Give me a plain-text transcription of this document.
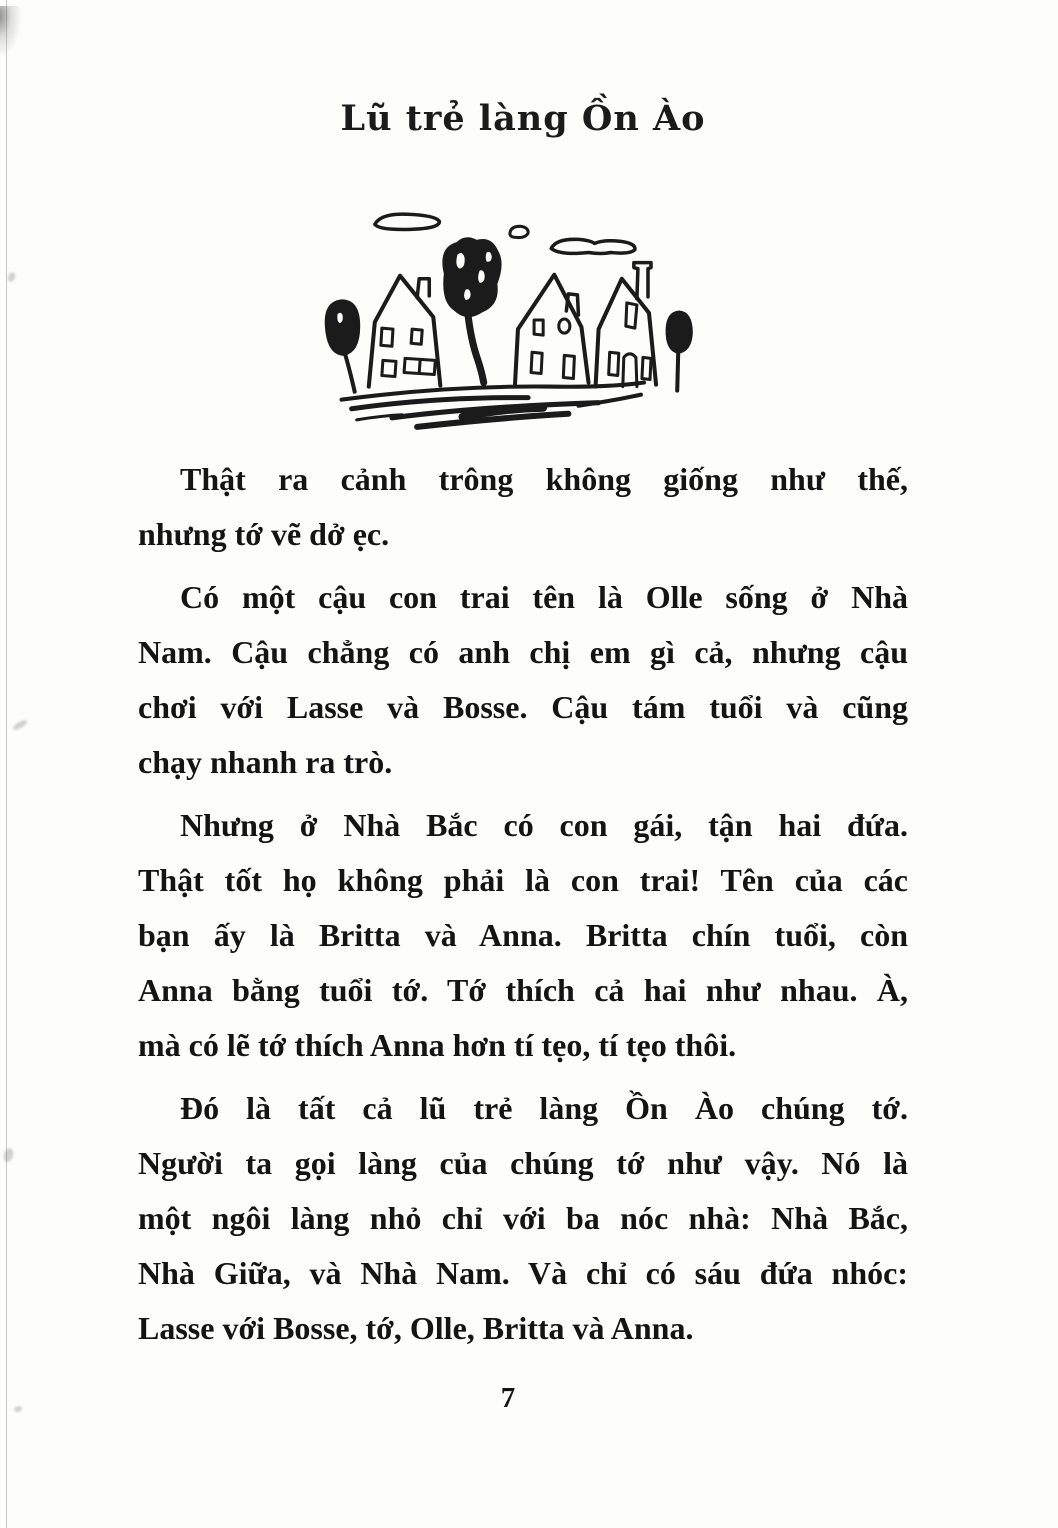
Lũ trẻ làng Ồn Ào
Thật ra cảnh trông không giống như thế,
nhưng tớ vẽ dở ẹc.
Có một cậu con trai tên là Olle sống ở Nhà
Nam. Cậu chẳng có anh chị em gì cả, nhưng cậu
chơi với Lasse và Bosse. Cậu tám tuổi và cũng
chạy nhanh ra trò.
Nhưng ở Nhà Bắc có con gái, tận hai đứa.
Thật tốt họ không phải là con trai! Tên của các
bạn ấy là Britta và Anna. Britta chín tuổi, còn
Anna bằng tuổi tớ. Tớ thích cả hai như nhau. À,
mà có lẽ tớ thích Anna hơn tí tẹo, tí tẹo thôi.
Đó là tất cả lũ trẻ làng Ồn Ào chúng tớ.
Người ta gọi làng của chúng tớ như vậy. Nó là
một ngôi làng nhỏ chỉ với ba nóc nhà: Nhà Bắc,
Nhà Giữa, và Nhà Nam. Và chỉ có sáu đứa nhóc:
Lasse với Bosse, tớ, Olle, Britta và Anna.
7
